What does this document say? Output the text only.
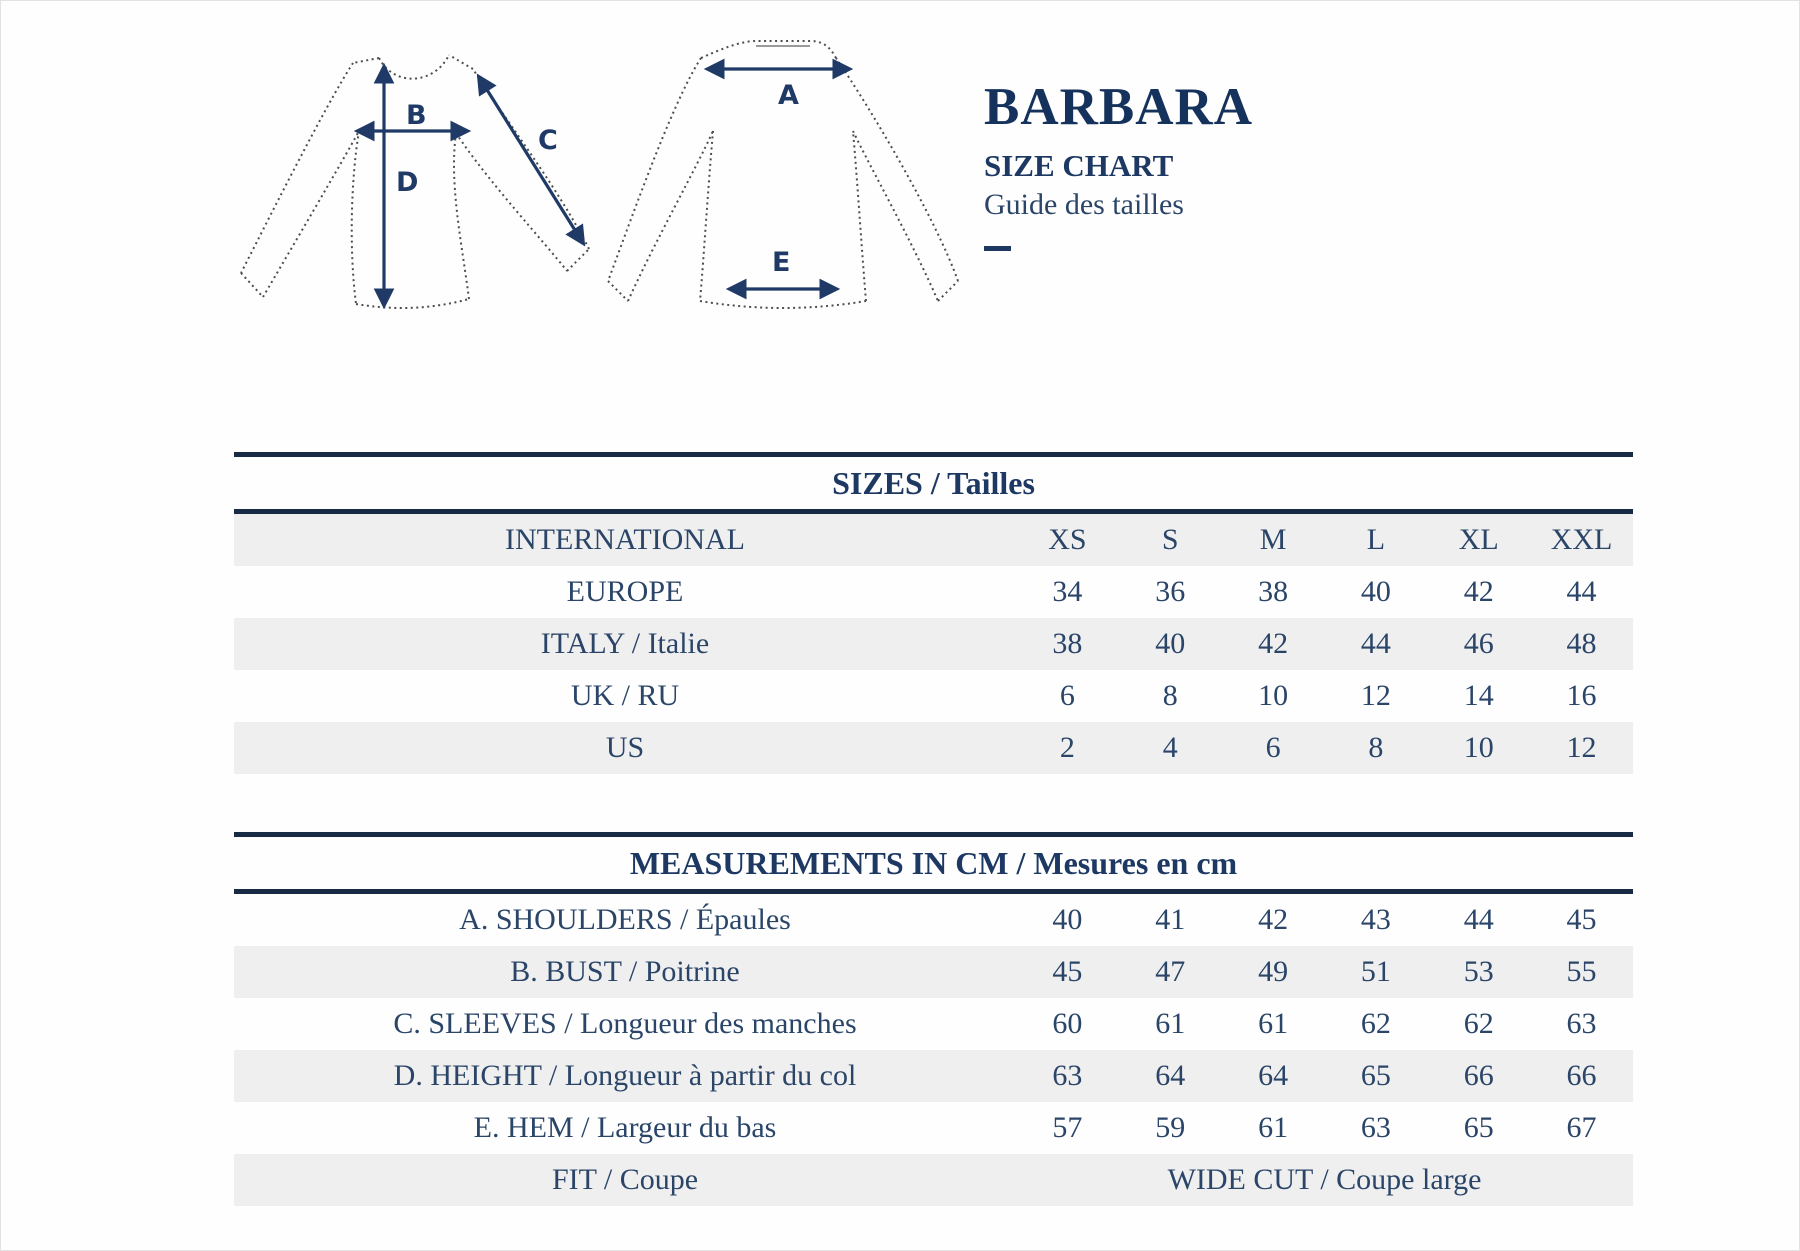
B
C
D
A
E
BARBARA
SIZE CHART
Guide des tailles
SIZES / Tailles
INTERNATIONAL	XS	S	M	L	XL	XXL
EUROPE	34	36	38	40	42	44
ITALY / Italie	38	40	42	44	46	48
UK / RU	6	8	10	12	14	16
US	2	4	6	8	10	12
MEASUREMENTS IN CM / Mesures en cm
A. SHOULDERS / Épaules	40	41	42	43	44	45
B. BUST / Poitrine	45	47	49	51	53	55
C. SLEEVES / Longueur des manches	60	61	61	62	62	63
D. HEIGHT / Longueur à partir du col	63	64	64	65	66	66
E. HEM / Largeur du bas	57	59	61	63	65	67
FIT / Coupe	WIDE CUT / Coupe large
